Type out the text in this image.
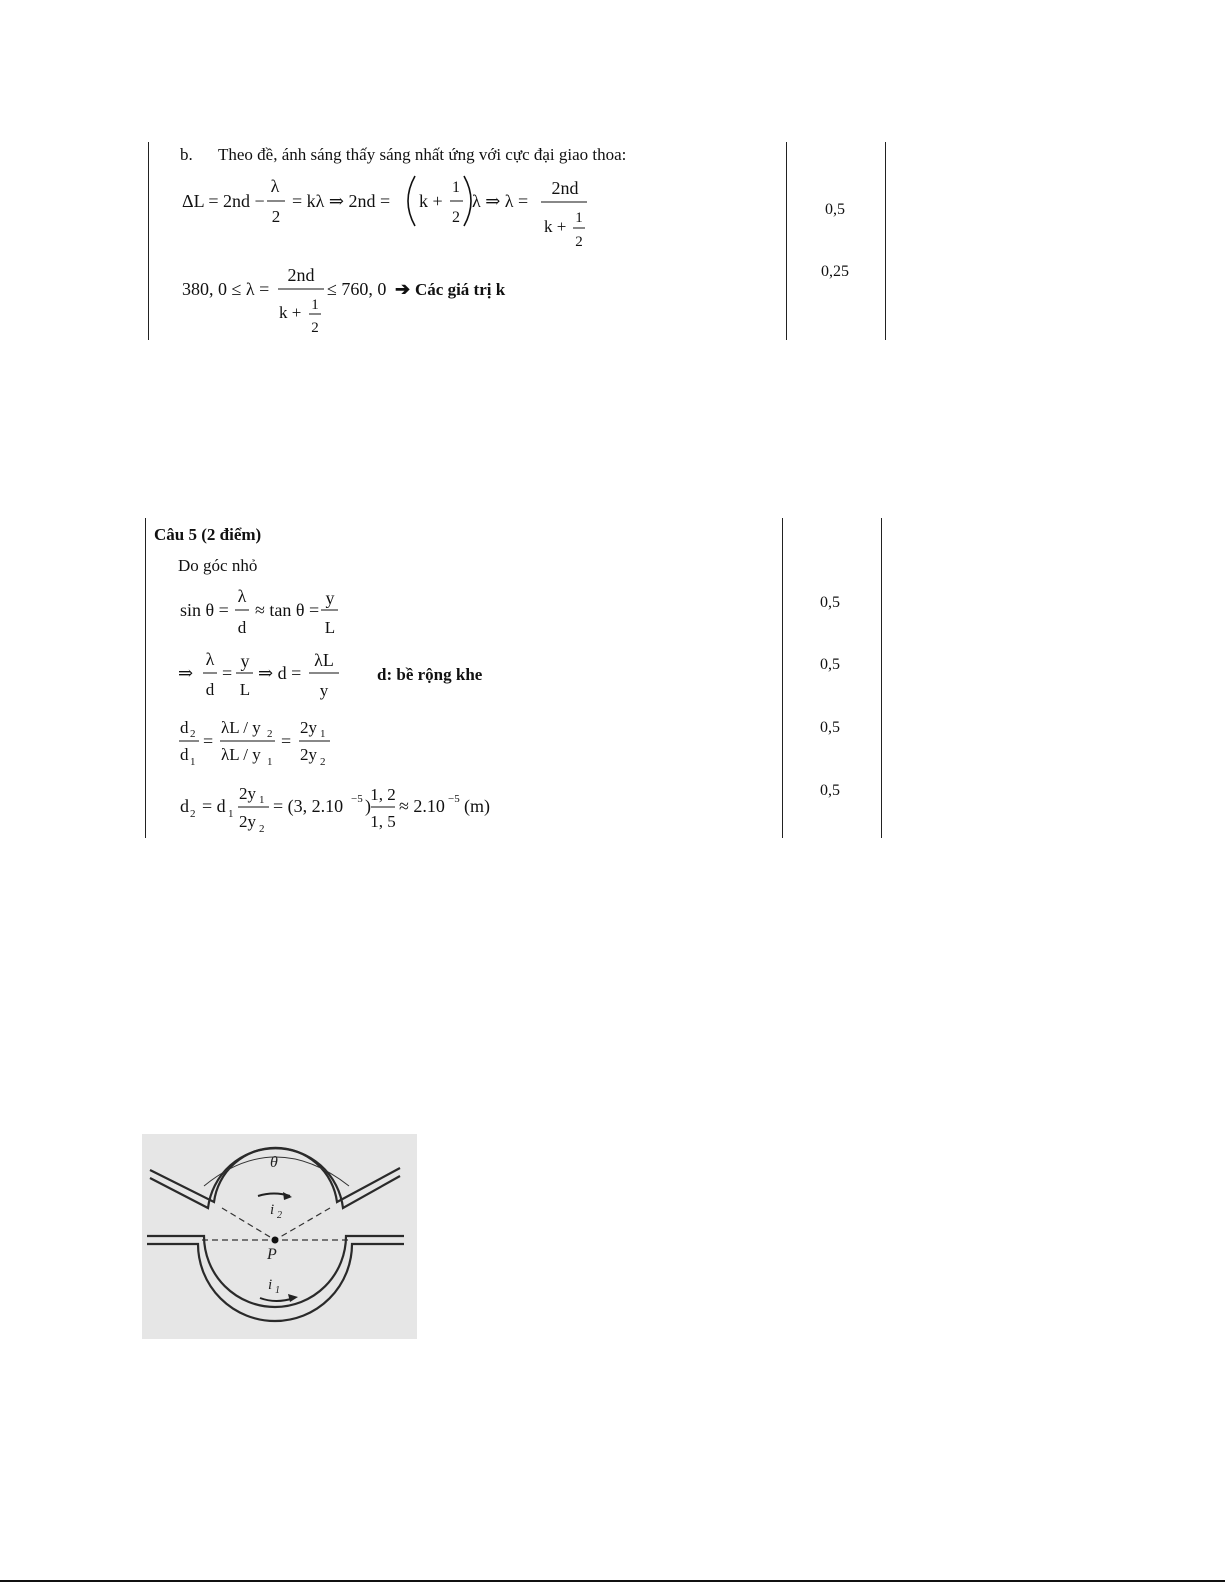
b. Theo đề, ánh sáng thấy sáng nhất ứng với cực đại giao thoa:
ΔL = 2nd −
λ
2
= kλ ⇒ 2nd = k +
1
2
λ ⇒ λ =
2nd
k + 1
2
380, 0 ≤ λ =
2nd
k + 1
2
≤ 760, 0 ➔ Các giá trị k
0,5
0,25
Câu 5 (2 điểm)
Do góc nhỏ
sin θ =
λ
d
≈ tan θ =
y
L
⇒
λ
d
=
y
L
⇒ d =
λL
y
d: bề rộng khe
d 2
d 1
=
λL / y 2
λL / y 1
=
2y 1
2y 2
d 2 = d 1
2y 1
2y 2
= (3, 2.10 −5 )
1, 2
1, 5
≈ 2.10 −5 (m)
0,5
0,5
0,5
0,5
θ
i 2
P
i 1
